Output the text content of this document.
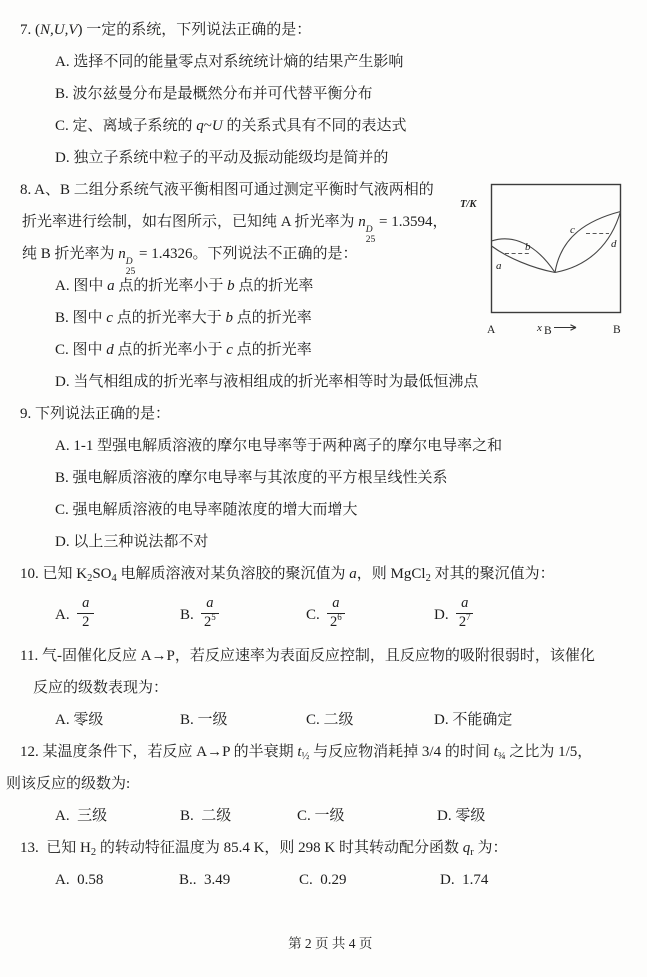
7. (N,U,V) 一定的系统，下列说法正确的是：
A. 选择不同的能量零点对系统统计熵的结果产生影响
B. 波尔兹曼分布是最概然分布并可代替平衡分布
C. 定、离域子系统的 q~U 的关系式具有不同的表达式
D. 独立子系统中粒子的平动及振动能级均是简并的
8. A、B 二组分系统气液平衡相图可通过测定平衡时气液两相的
折光率进行绘制，如右图所示，已知纯 A 折光率为 n D
25
= 1.3594，
纯 B 折光率为 n D
25
= 1.4326。下列说法不正确的是：
A. 图中 a 点的折光率小于 b 点的折光率
B. 图中 c 点的折光率大于 b 点的折光率
C. 图中 d 点的折光率小于 c 点的折光率
D. 当气相组成的折光率与液相组成的折光率相等时为最低恒沸点
9. 下列说法正确的是：
A. 1-1 型强电解质溶液的摩尔电导率等于两种离子的摩尔电导率之和
B. 强电解质溶液的摩尔电导率与其浓度的平方根呈线性关系
C. 强电解质溶液的电导率随浓度的增大而增大
D. 以上三种说法都不对
10. 已知 $K_2SO_4$ 电解质溶液对某负溶胶的聚沉值为 a，则 MgCl$_2$ 对其的聚沉值为：
A. $\frac{a}{2}$	B. $\frac{a}{2^5}$	C. $\frac{a}{2^6}$	D. $\frac{a}{2^7}$
11. 气-固催化反应 A→P，若反应速率为表面反应控制，且反应物的吸附很弱时，该催化
反应的级数表现为：
A. 零级	B. 一级	C. 二级	D. 不能确定
12. 某温度条件下，若反应 A→P 的半衰期 $t_{\frac{1}{2}}$ 与反应物消耗掉 3/4 的时间 $t_{\frac{3}{4}}$ 之比为 1/5，
则该反应的级数为:
A.  三级	B.  二级	C. 一级	D. 零级
13.  已知 $H_2$ 的转动特征温度为 85.4 K，则 298 K 时其转动配分函数 $q_r$ 为：
A.  0.58	B..  3.49	C.  0.29	D.  1.74
T/K
a
b
c
d
A	B
x B

第 2 页 共 4 页
